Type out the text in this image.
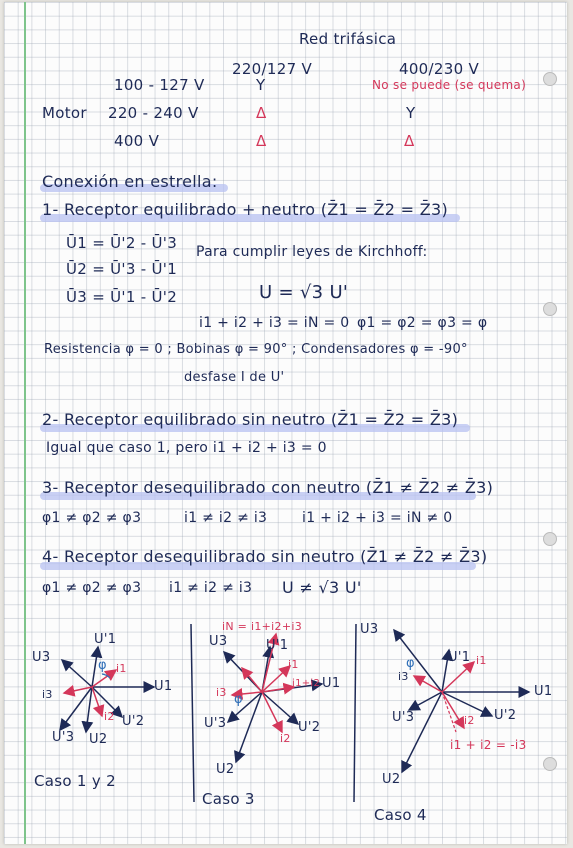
Red trifásica
220/127 V	400/230 V
100 - 127 V	Y	No se puede (se quema)
Motor 220 - 240 V	Δ	Y
400 V	Δ	Δ
Conexión en estrella:
1- Receptor equilibrado + neutro (Z̄1 = Z̄2 = Z̄3)
Ū1 = Ū'2 - Ū'3
Ū2 = Ū'3 - Ū'1
Ū3 = Ū'1 - Ū'2
Para cumplir leyes de Kirchhoff:
U = √3 U'
i1 + i2 + i3 = iN = 0 φ1 = φ2 = φ3 = φ
Resistencia φ = 0 ; Bobinas φ = 90° ; Condensadores φ = -90°
desfase I de U'
2- Receptor equilibrado sin neutro (Z̄1 = Z̄2 = Z̄3)
Igual que caso 1, pero i1 + i2 + i3 = 0
3- Receptor desequilibrado con neutro (Z̄1 ≠ Z̄2 ≠ Z̄3)
φ1 ≠ φ2 ≠ φ3	i1 ≠ i2 ≠ i3 i1 + i2 + i3 = iN ≠ 0
4- Receptor desequilibrado sin neutro (Z̄1 ≠ Z̄2 ≠ Z̄3)
φ1 ≠ φ2 ≠ φ3 i1 ≠ i2 ≠ i3 U ≠ √3 U'
U1
U3
U2
U'1
U'2
U'3
i1
i2
i3
φ
Caso 1 y 2
iN = i1+i2+i3
U1
U3
U2
U'1
U'2
U'3
i1
i2
i3
i1+i2
φ
Caso 3
U1
U3
U2
U'1
U'2
U'3
i1
i2
i3
i1 + i2 = -i3
φ
Caso 4
